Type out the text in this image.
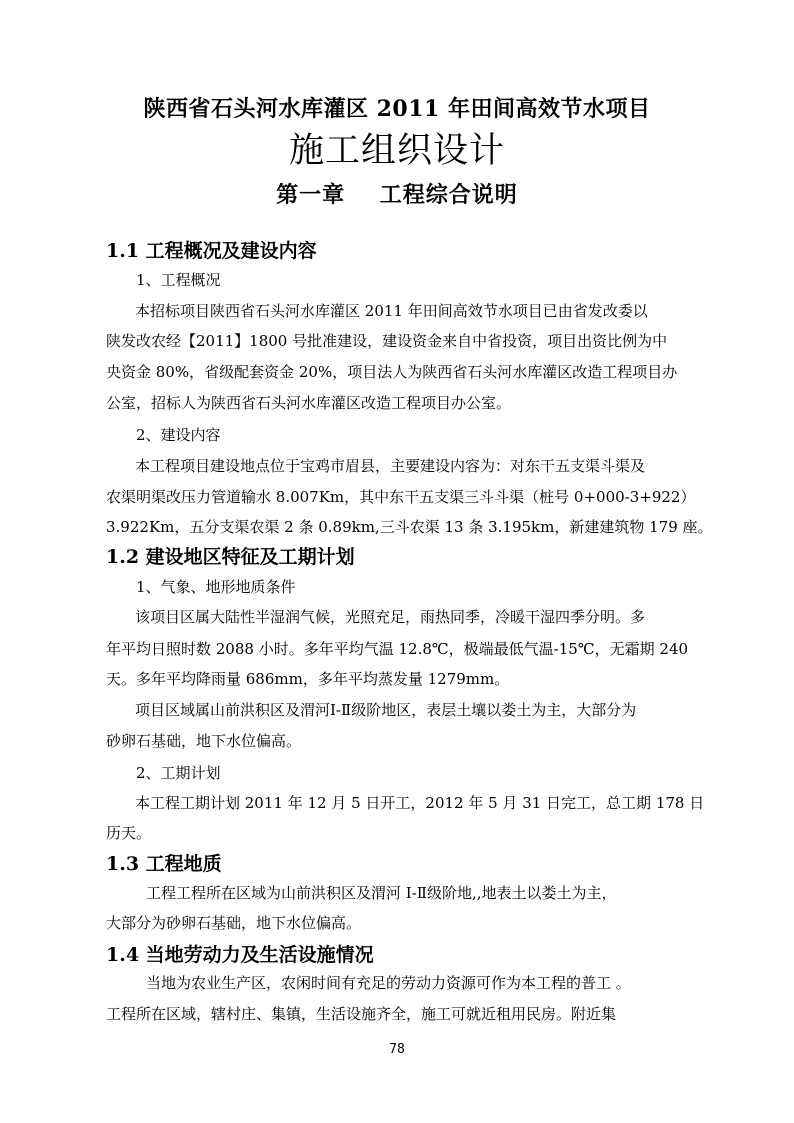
陕西省石头河水库灌区 2011 年田间高效节水项目
施工组织设计
第一章    工程综合说明
1.1 工程概况及建设内容
1、工程概况
本招标项目陕西省石头河水库灌区 2011 年田间高效节水项目已由省发改委以
陕发改农经【2011】1800 号批准建设，建设资金来自中省投资，项目出资比例为中
央资金 80%，省级配套资金 20%，项目法人为陕西省石头河水库灌区改造工程项目办
公室，招标人为陕西省石头河水库灌区改造工程项目办公室。
2、建设内容
本工程项目建设地点位于宝鸡市眉县，主要建设内容为：对东干五支渠斗渠及
农渠明渠改压力管道输水 8.007Km，其中东干五支渠三斗斗渠（桩号 0+000-3+922）
3.922Km，五分支渠农渠 2 条 0.89km,三斗农渠 13 条 3.195km，新建建筑物 179 座。
1.2 建设地区特征及工期计划
1、气象、地形地质条件
该项目区属大陆性半湿润气候，光照充足，雨热同季，冷暖干湿四季分明。多
年平均日照时数 2088 小时。多年平均气温 12.8℃，极端最低气温-15℃，无霜期 240
天。多年平均降雨量 686mm，多年平均蒸发量 1279mm。
项目区域属山前洪积区及渭河Ⅰ-Ⅱ级阶地区，表层土壤以娄土为主，大部分为
砂卵石基础，地下水位偏高。
2、工期计划
本工程工期计划 2011 年 12 月 5 日开工，2012 年 5 月 31 日完工，总工期 178 日
历天。
1.3 工程地质
工程工程所在区域为山前洪积区及渭河 Ⅰ-Ⅱ级阶地,,地表土以娄土为主，
大部分为砂卵石基础，地下水位偏高。
1.4 当地劳动力及生活设施情况
当地为农业生产区，农闲时间有充足的劳动力资源可作为本工程的普工 。
工程所在区域，辖村庄、集镇，生活设施齐全，施工可就近租用民房。附近集
78
